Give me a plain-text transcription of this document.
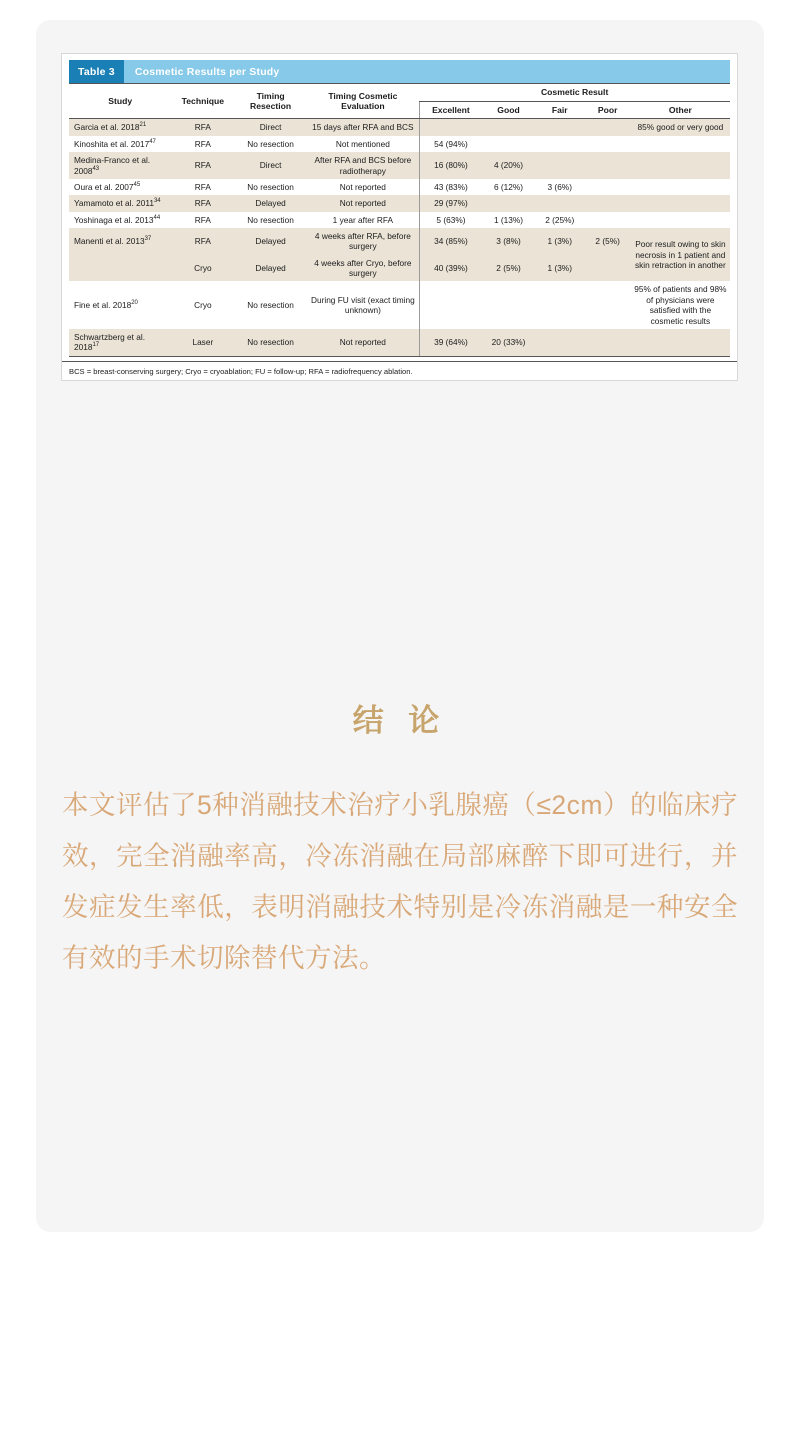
Table 3	Cosmetic Results per Study
Study	Technique	Timing Resection	Timing Cosmetic Evaluation	Cosmetic Result				
				Excellent	Good	Fair	Poor	Other
Garcia et al. 2018$^{21}$	RFA	Direct	15 days after RFA and BCS					85% good or very good
Kinoshita et al. 2017$^{47}$	RFA	No resection	Not mentioned	54 (94%)				
Medina-Franco et al. 2008$^{43}$	RFA	Direct	After RFA and BCS before radiotherapy	16 (80%)	4 (20%)			
Oura et al. 2007$^{45}$	RFA	No resection	Not reported	43 (83%)	6 (12%)	3 (6%)		
Yamamoto et al. 2011$^{34}$	RFA	Delayed	Not reported	29 (97%)				
Yoshinaga et al. 2013$^{44}$	RFA	No resection	1 year after RFA	5 (63%)	1 (13%)	2 (25%)		
Manenti et al. 2013$^{37}$	RFA	Delayed	4 weeks after RFA, before surgery	34 (85%)	3 (8%)	1 (3%)	2 (5%)	Poor result owing to skin necrosis in 1 patient and skin retraction in another
	Cryo	Delayed	4 weeks after Cryo, before surgery	40 (39%)	2 (5%)	1 (3%)		
Fine et al. 2018$^{20}$	Cryo	No resection	During FU visit (exact timing unknown)					95% of patients and 98% of physicians were satisfied with the cosmetic results
Schwartzberg et al. 2018$^{17}$	Laser	No resection	Not reported	39 (64%)	20 (33%)			
BCS = breast-conserving surgery; Cryo = cryoablation; FU = follow-up; RFA = radiofrequency ablation.
结 论
本文评估了5种消融技术治疗小乳腺癌（≤2cm）的临床疗效，完全消融率高，冷冻消融在局部麻醉下即可进行，并发症发生率低，表明消融技术特别是冷冻消融是一种安全有效的手术切除替代方法。
